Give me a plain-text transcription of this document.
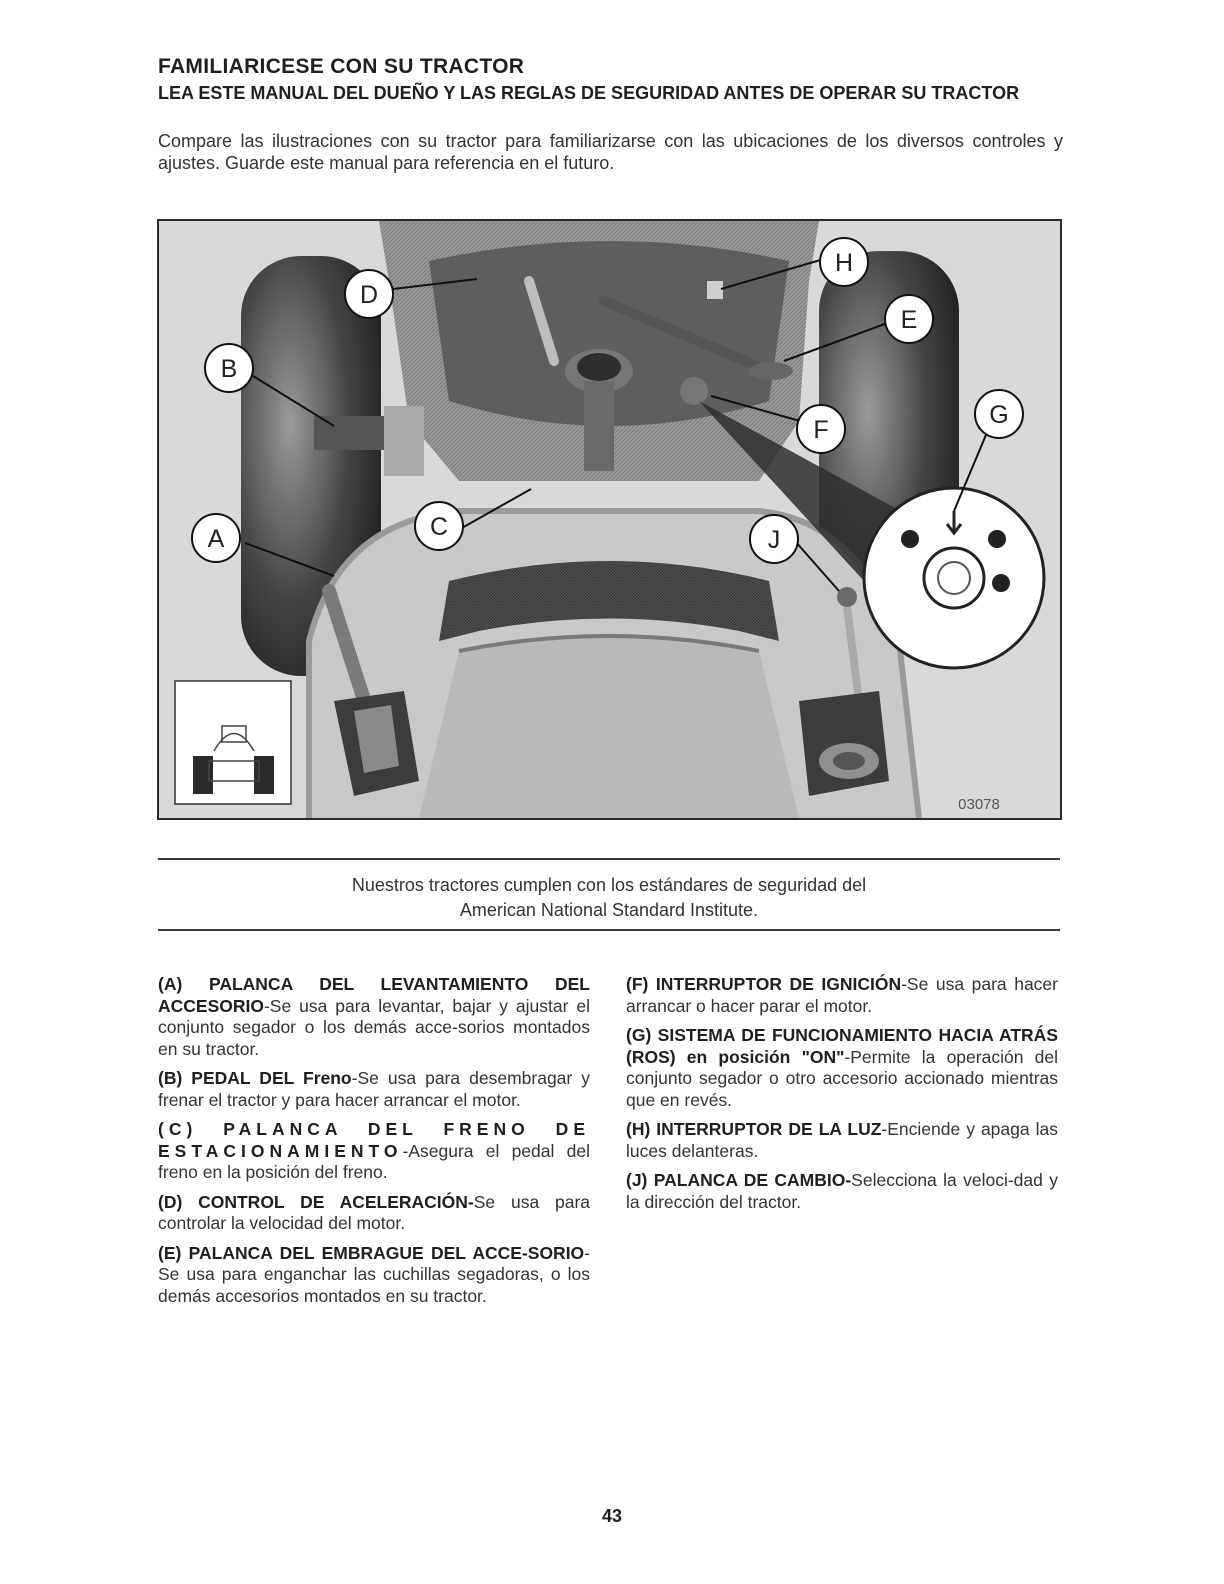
FAMILIARICESE CON SU TRACTOR
LEA ESTE MANUAL DEL DUEÑO Y LAS REGLAS DE SEGURIDAD ANTES DE OPERAR SU TRACTOR

Compare las ilustraciones con su tractor para familiarizarse con las ubicaciones de los diversos controles y ajustes. Guarde este manual para referencia en el futuro.

D
H
E
B
F
G
C
A	J
03078
Nuestros tractores cumplen con los estándares de seguridad del
American National Standard Institute.

(A) PALANCA DEL LEVANTAMIENTO DEL ACCESORIO-Se usa para levantar, bajar y ajustar el conjunto segador o los demás acce-sorios montados en su tractor.

(B) PEDAL DEL Freno-Se usa para desembragar y frenar el tractor y para hacer arrancar el motor.

(C) PALANCA DEL FRENO DE ESTACIONAMIENTO-Asegura el pedal del freno en la posición del freno.

(D) CONTROL DE ACELERACIÓN-Se usa para controlar la velocidad del motor.

(E) PALANCA DEL EMBRAGUE DEL ACCE-SORIO-Se usa para enganchar las cuchillas segadoras, o los demás accesorios montados en su tractor.

(F) INTERRUPTOR DE IGNICIÓN-Se usa para hacer arrancar o hacer parar el motor.

(G) SISTEMA DE FUNCIONAMIENTO HACIA ATRÁS (ROS) en posición "ON"-Permite la operación del conjunto segador o otro accesorio accionado mientras que en revés.

(H) INTERRUPTOR DE LA LUZ-Enciende y apaga las luces delanteras.

(J) PALANCA DE CAMBIO-Selecciona la veloci-dad y la dirección del tractor.

43
